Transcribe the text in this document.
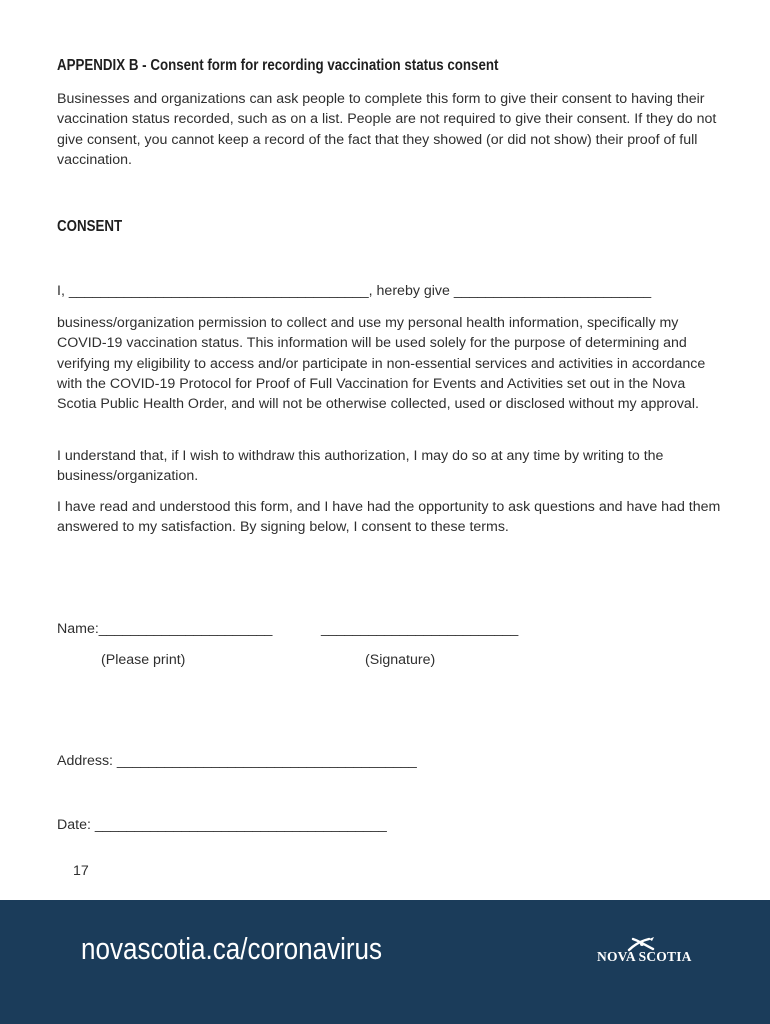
APPENDIX B - Consent form for recording vaccination status consent
Businesses and organizations can ask people to complete this form to give their consent to having their vaccination status recorded, such as on a list. People are not required to give their consent. If they do not give consent, you cannot keep a record of the fact that they showed (or did not show) their proof of full vaccination.
CONSENT
I, ______________________________________, hereby give _________________________
business/organization permission to collect and use my personal health information, specifically my COVID-19 vaccination status. This information will be used solely for the purpose of determining and verifying my eligibility to access and/or participate in non-essential services and activities in accordance with the COVID-19 Protocol for Proof of Full Vaccination for Events and Activities set out in the Nova Scotia Public Health Order, and will not be otherwise collected, used or disclosed without my approval.
I understand that, if I wish to withdraw this authorization, I may do so at any time by writing to the business/organization.
I have read and understood this form, and I have had the opportunity to ask questions and have had them answered to my satisfaction. By signing below, I consent to these terms.
Name:______________________	_________________________
(Please print)	(Signature)
Address: ______________________________________
Date: _____________________________________
17
novascotia.ca/coronavirus	NOVA SCOTIA
